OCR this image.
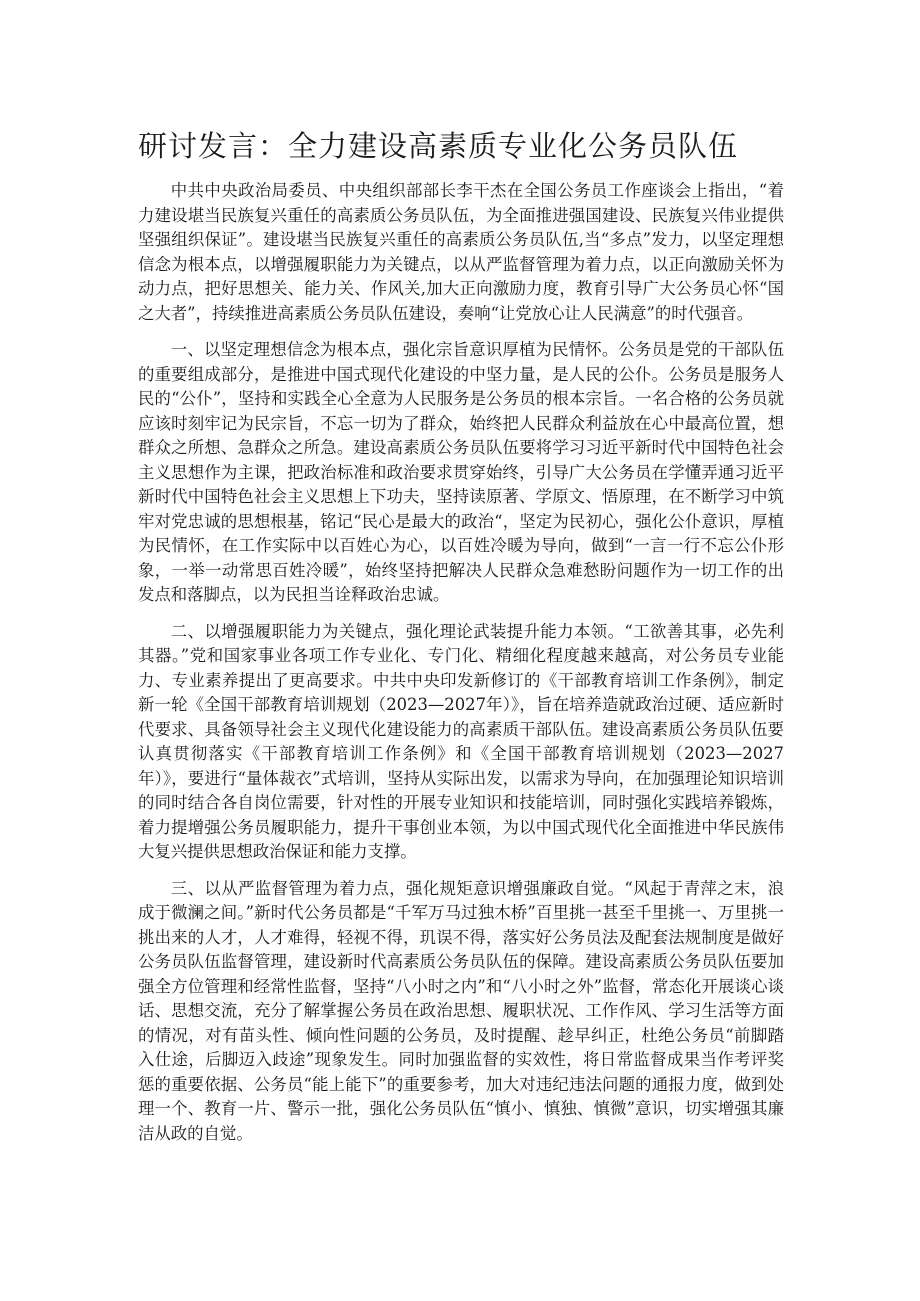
研讨发言：全力建设高素质专业化公务员队伍

中共中央政治局委员、中央组织部部长李干杰在全国公务员工作座谈会上指出，“着力建设堪当民族复兴重任的高素质公务员队伍，为全面推进强国建设、民族复兴伟业提供坚强组织保证”。建设堪当民族复兴重任的高素质公务员队伍,当“多点”发力，以坚定理想信念为根本点，以增强履职能力为关键点，以从严监督管理为着力点，以正向激励关怀为动力点，把好思想关、能力关、作风关,加大正向激励力度，教育引导广大公务员心怀“国之大者”，持续推进高素质公务员队伍建设，奏响“让党放心让人民满意”的时代强音。

一、以坚定理想信念为根本点，强化宗旨意识厚植为民情怀。公务员是党的干部队伍的重要组成部分，是推进中国式现代化建设的中坚力量，是人民的公仆。公务员是服务人民的“公仆”，坚持和实践全心全意为人民服务是公务员的根本宗旨。一名合格的公务员就应该时刻牢记为民宗旨，不忘一切为了群众，始终把人民群众利益放在心中最高位置，想群众之所想、急群众之所急。建设高素质公务员队伍要将学习习近平新时代中国特色社会主义思想作为主课，把政治标准和政治要求贯穿始终，引导广大公务员在学懂弄通习近平新时代中国特色社会主义思想上下功夫，坚持读原著、学原文、悟原理，在不断学习中筑牢对党忠诚的思想根基，铭记“民心是最大的政治“，坚定为民初心，强化公仆意识，厚植为民情怀，在工作实际中以百姓心为心，以百姓冷暖为导向，做到“一言一行不忘公仆形象，一举一动常思百姓冷暖”，始终坚持把解决人民群众急难愁盼问题作为一切工作的出发点和落脚点，以为民担当诠释政治忠诚。

二、以增强履职能力为关键点，强化理论武装提升能力本领。“工欲善其事，必先利其器。”党和国家事业各项工作专业化、专门化、精细化程度越来越高，对公务员专业能力、专业素养提出了更高要求。中共中央印发新修订的《干部教育培训工作条例》，制定新一轮《全国干部教育培训规划（2023—2027年）》，旨在培养造就政治过硬、适应新时代要求、具备领导社会主义现代化建设能力的高素质干部队伍。建设高素质公务员队伍要认真贯彻落实《干部教育培训工作条例》和《全国干部教育培训规划（2023—2027年）》，要进行“量体裁衣”式培训，坚持从实际出发，以需求为导向，在加强理论知识培训的同时结合各自岗位需要，针对性的开展专业知识和技能培训，同时强化实践培养锻炼，着力提增强公务员履职能力，提升干事创业本领，为以中国式现代化全面推进中华民族伟大复兴提供思想政治保证和能力支撑。

三、以从严监督管理为着力点，强化规矩意识增强廉政自觉。“风起于青萍之末，浪成于微澜之间。”新时代公务员都是“千军万马过独木桥”百里挑一甚至千里挑一、万里挑一挑出来的人才，人才难得，轻视不得，玑误不得，落实好公务员法及配套法规制度是做好公务员队伍监督管理，建设新时代高素质公务员队伍的保障。建设高素质公务员队伍要加强全方位管理和经常性监督，坚持“八小时之内”和“八小时之外”监督，常态化开展谈心谈话、思想交流，充分了解掌握公务员在政治思想、履职状况、工作作风、学习生活等方面的情况，对有苗头性、倾向性问题的公务员，及时提醒、趁早纠正，杜绝公务员“前脚踏入仕途，后脚迈入歧途”现象发生。同时加强监督的实效性，将日常监督成果当作考评奖惩的重要依据、公务员“能上能下”的重要参考，加大对违纪违法问题的通报力度，做到处理一个、教育一片、警示一批，强化公务员队伍“慎小、慎独、慎微”意识，切实增强其廉洁从政的自觉。
